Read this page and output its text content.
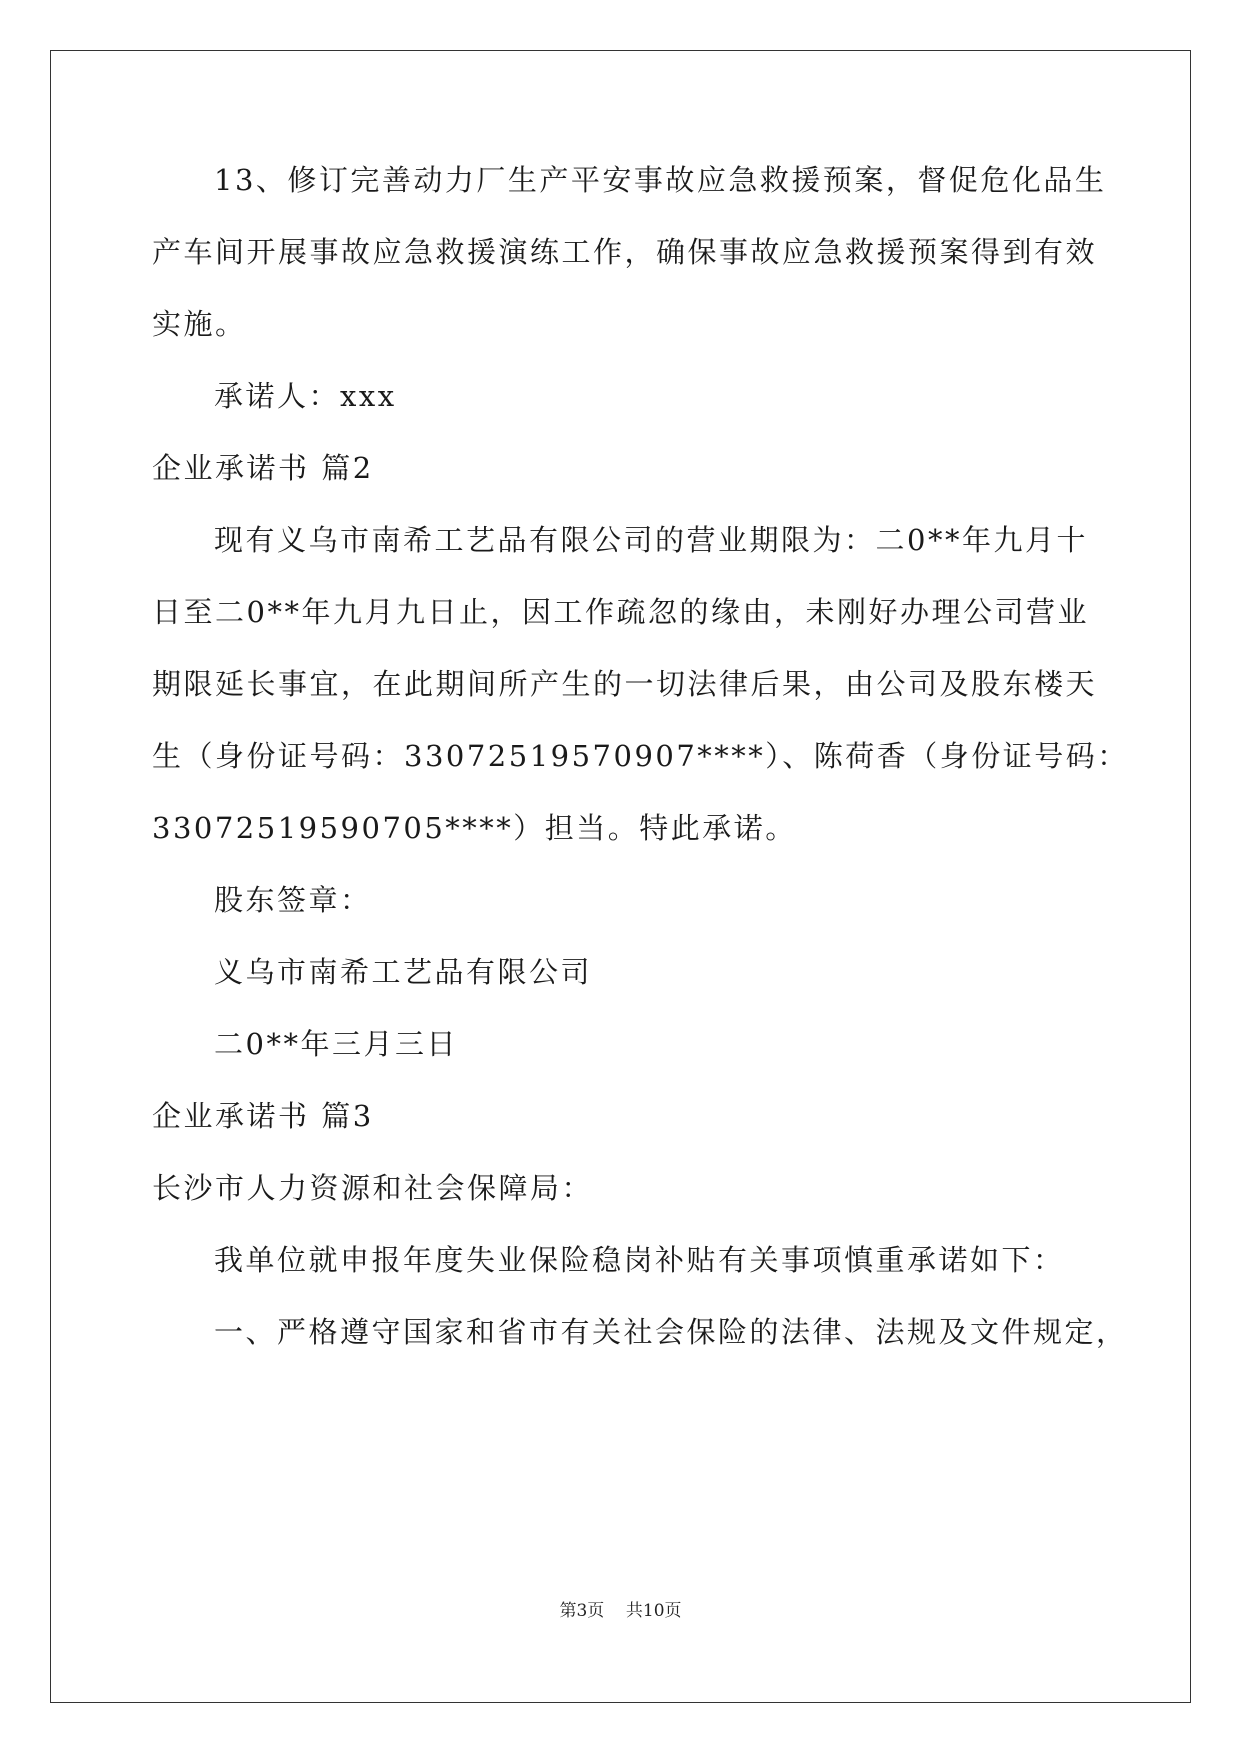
13、修订完善动力厂生产平安事故应急救援预案，督促危化品生
产车间开展事故应急救援演练工作，确保事故应急救援预案得到有效
实施。
承诺人：xxx
企业承诺书 篇2
现有义乌市南希工艺品有限公司的营业期限为：二0**年九月十
日至二0**年九月九日止，因工作疏忽的缘由，未刚好办理公司营业
期限延长事宜，在此期间所产生的一切法律后果，由公司及股东楼天
生（身份证号码：33072519570907****）、陈荷香（身份证号码：
33072519590705****）担当。特此承诺。
股东签章：
义乌市南希工艺品有限公司
二0**年三月三日
企业承诺书 篇3
长沙市人力资源和社会保障局：
我单位就申报年度失业保险稳岗补贴有关事项慎重承诺如下：
一、严格遵守国家和省市有关社会保险的法律、法规及文件规定，
第3页    共10页
